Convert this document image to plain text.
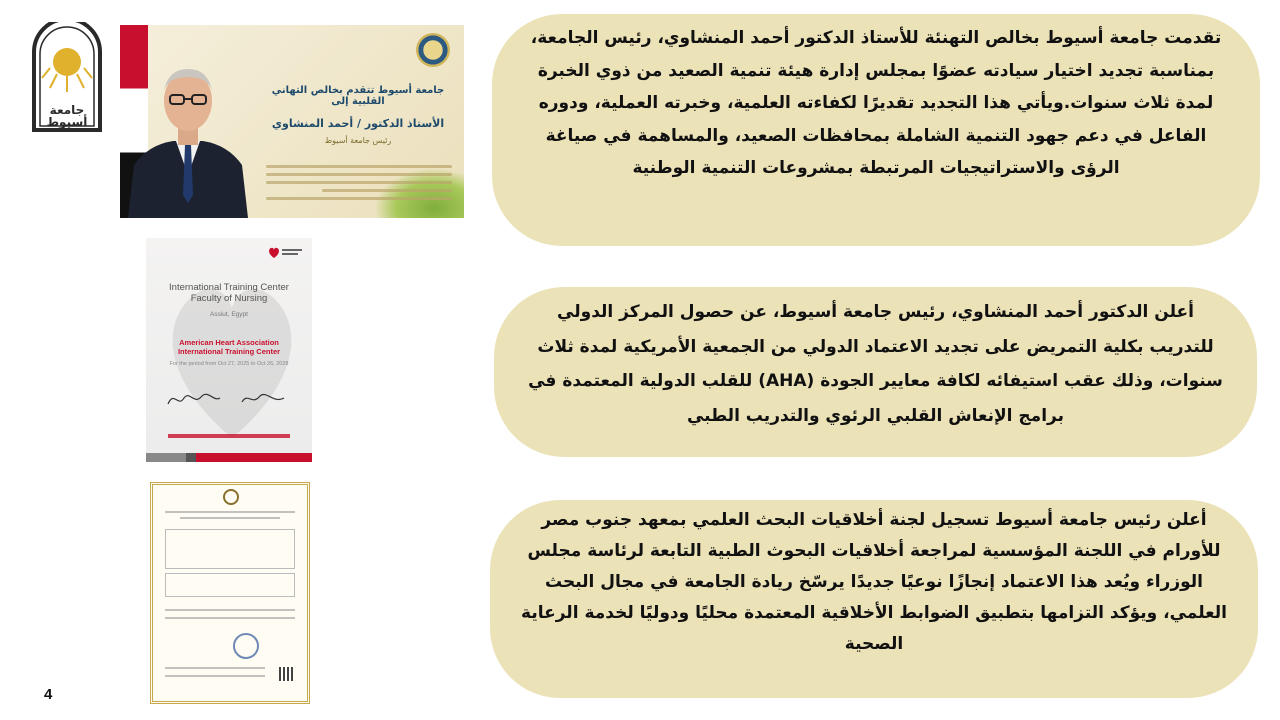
جامعة
أسيوط
جامعة أسيوط تتقدم بخالص التهاني القلبية إلى
الأستاذ الدكتور / أحمد المنشاوي
رئيس جامعة أسيوط
International Training Center
Faculty of Nursing
Assiut, Egypt
American Heart Association
International Training Center
For the period from Oct 27, 2025 to Oct 26, 2028

تقدمت جامعة أسيوط بخالص التهنئة للأستاذ الدكتور أحمد المنشاوي، رئيس الجامعة، بمناسبة تجديد اختيار سيادته عضوًا بمجلس إدارة هيئة تنمية الصعيد من ذوي الخبرة لمدة ثلاث سنوات.ويأتي هذا التجديد تقديرًا لكفاءته العلمية، وخبرته العملية، ودوره الفاعل في دعم جهود التنمية الشاملة بمحافظات الصعيد، والمساهمة في صياغة الرؤى والاستراتيجيات المرتبطة بمشروعات التنمية الوطنية

أعلن الدكتور أحمد المنشاوي، رئيس جامعة أسيوط، عن حصول المركز الدولي للتدريب بكلية التمريض على تجديد الاعتماد الدولي من الجمعية الأمريكية لمدة ثلاث سنوات، وذلك عقب استيفائه لكافة معايير الجودة (AHA) للقلب الدولية المعتمدة في برامج الإنعاش القلبي الرئوي والتدريب الطبي

أعلن رئيس جامعة أسيوط تسجيل لجنة أخلاقيات البحث العلمي بمعهد جنوب مصر للأورام في اللجنة المؤسسية لمراجعة أخلاقيات البحوث الطبية التابعة لرئاسة مجلس الوزراء ويُعد هذا الاعتماد إنجازًا نوعيًا جديدًا يرسّخ ريادة الجامعة في مجال البحث العلمي، ويؤكد التزامها بتطبيق الضوابط الأخلاقية المعتمدة محليًا ودوليًا لخدمة الرعاية الصحية

4
